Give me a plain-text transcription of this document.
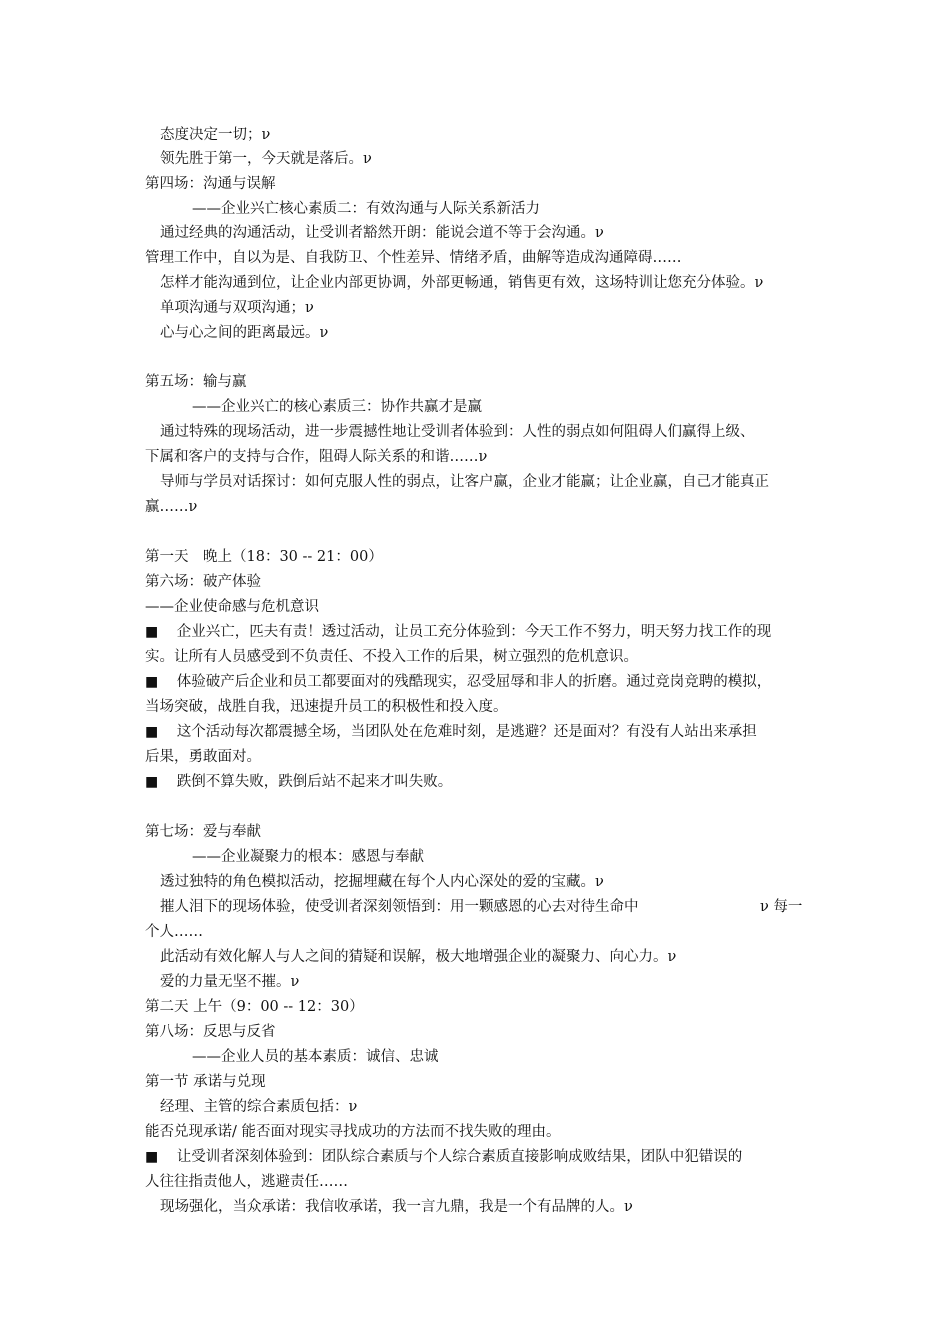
态度决定一切；ν

领先胜于第一，今天就是落后。ν

第四场：沟通与误解

——企业兴亡核心素质二：有效沟通与人际关系新活力

通过经典的沟通活动，让受训者豁然开朗：能说会道不等于会沟通。ν

管理工作中，自以为是、自我防卫、个性差异、情绪矛盾，曲解等造成沟通障碍……

怎样才能沟通到位，让企业内部更协调，外部更畅通，销售更有效，这场特训让您充分体验。ν

单项沟通与双项沟通；ν

心与心之间的距离最远。ν

第五场：输与赢

——企业兴亡的核心素质三：协作共赢才是赢

通过特殊的现场活动，进一步震撼性地让受训者体验到：人性的弱点如何阻碍人们赢得上级、

下属和客户的支持与合作，阻碍人际关系的和谐……ν

导师与学员对话探讨：如何克服人性的弱点，让客户赢，企业才能赢；让企业赢，自己才能真正

赢……ν

第一天　晚上（18：30 -- 21：00）

第六场：破产体验

——企业使命感与危机意识

■ 　企业兴亡，匹夫有责！透过活动，让员工充分体验到：今天工作不努力，明天努力找工作的现

实。让所有人员感受到不负责任、不投入工作的后果，树立强烈的危机意识。

■ 　体验破产后企业和员工都要面对的残酷现实，忍受屈辱和非人的折磨。通过竞岗竞聘的模拟，

当场突破，战胜自我，迅速提升员工的积极性和投入度。

■ 　这个活动每次都震撼全场，当团队处在危难时刻，是逃避？还是面对？有没有人站出来承担

后果，勇敢面对。

■ 　跌倒不算失败，跌倒后站不起来才叫失败。

第七场：爱与奉献

——企业凝聚力的根本：感恩与奉献

透过独特的角色模拟活动，挖掘埋藏在每个人内心深处的爱的宝藏。ν

摧人泪下的现场体验，使受训者深刻领悟到：用一颗感恩的心去对待生命中	ν 每一

个人……

此活动有效化解人与人之间的猜疑和误解，极大地增强企业的凝聚力、向心力。ν

爱的力量无坚不摧。ν

第二天 上午（9：00 -- 12：30）

第八场：反思与反省

——企业人员的基本素质：诚信、忠诚

第一节 承诺与兑现

经理、主管的综合素质包括：ν

能否兑现承诺/ 能否面对现实寻找成功的方法而不找失败的理由。

■ 　让受训者深刻体验到：团队综合素质与个人综合素质直接影响成败结果，团队中犯错误的

人往往指责他人，逃避责任……

现场强化，当众承诺：我信收承诺，我一言九鼎，我是一个有品牌的人。ν
